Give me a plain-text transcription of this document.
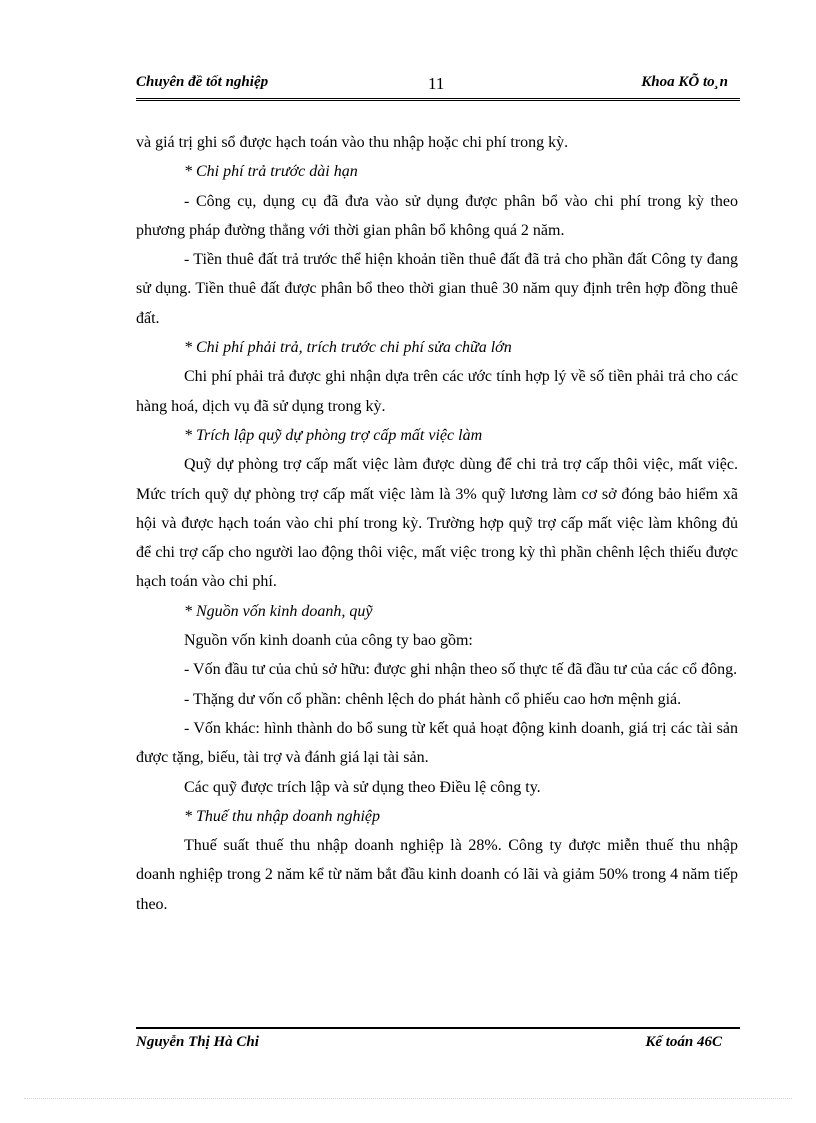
Chuyên đề tốt nghiệp	11	Khoa KÕ to¸n

và giá trị ghi sổ được hạch toán vào thu nhập hoặc chi phí trong kỳ.

* Chi phí trả trước dài hạn

- Công cụ, dụng cụ đã đưa vào sử dụng được phân bổ vào chi phí trong kỳ theo phương pháp đường thẳng với thời gian phân bổ không quá 2 năm.

- Tiền thuê đất trả trước thể hiện khoản tiền thuê đất đã trả cho phần đất Công ty đang sử dụng. Tiền thuê đất được phân bổ theo thời gian thuê 30 năm quy định trên hợp đồng thuê đất.

* Chi phí phải trả, trích trước chi phí sửa chữa lớn

Chi phí phải trả được ghi nhận dựa trên các ước tính hợp lý về số tiền phải trả cho các hàng hoá, dịch vụ đã sử dụng trong kỳ.

* Trích lập quỹ dự phòng trợ cấp mất việc làm

Quỹ dự phòng trợ cấp mất việc làm được dùng để chi trả trợ cấp thôi việc, mất việc. Mức trích quỹ dự phòng trợ cấp mất việc làm là 3% quỹ lương làm cơ sở đóng bảo hiểm xã hội và được hạch toán vào chi phí trong kỳ. Trường hợp quỹ trợ cấp mất việc làm không đủ để chi trợ cấp cho người lao động thôi việc, mất việc trong kỳ thì phần chênh lệch thiếu được hạch toán vào chi phí.

* Nguồn vốn kinh doanh, quỹ

Nguồn vốn kinh doanh của công ty bao gồm:

- Vốn đầu tư của chủ sở hữu: được ghi nhận theo số thực tế đã đầu tư của các cổ đông.

- Thặng dư vốn cổ phần: chênh lệch do phát hành cổ phiếu cao hơn mệnh giá.

- Vốn khác: hình thành do bổ sung từ kết quả hoạt động kinh doanh, giá trị các tài sản được tặng, biếu, tài trợ và đánh giá lại tài sản.

Các quỹ được trích lập và sử dụng theo Điều lệ công ty.

* Thuế thu nhập doanh nghiệp

Thuế suất thuế thu nhập doanh nghiệp là 28%. Công ty được miễn thuế thu nhập doanh nghiệp trong 2 năm kể từ năm bắt đầu kinh doanh có lãi và giảm 50% trong 4 năm tiếp theo.

Nguyễn Thị Hà Chi	Kế toán 46C
